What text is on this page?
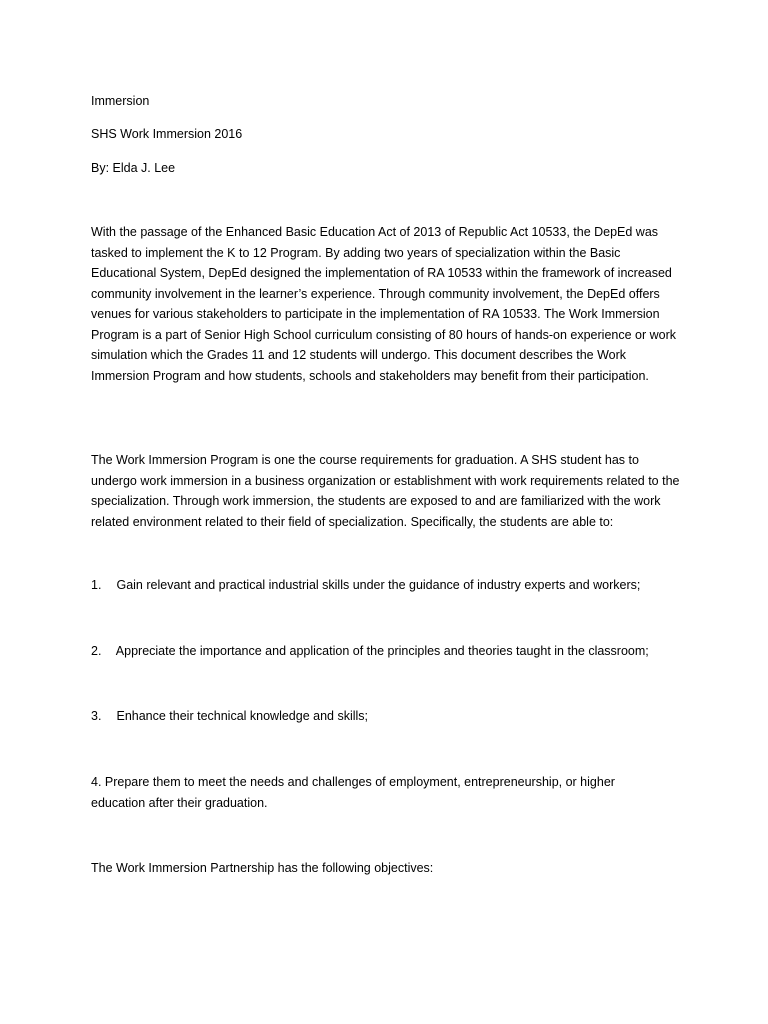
Immersion
SHS Work Immersion 2016
By: Elda J. Lee
With the passage of the Enhanced Basic Education Act of 2013 of Republic Act 10533, the DepEd was tasked to implement the K to 12 Program. By adding two years of specialization within the Basic Educational System, DepEd designed the implementation of RA 10533 within the framework of increased community involvement in the learner’s experience. Through community involvement, the DepEd offers venues for various stakeholders to participate in the implementation of RA 10533. The Work Immersion Program is a part of Senior High School curriculum consisting of 80 hours of hands-on experience or work simulation which the Grades 11 and 12 students will undergo. This document describes the Work Immersion Program and how students, schools and stakeholders may benefit from their participation.
The Work Immersion Program is one the course requirements for graduation. A SHS student has to undergo work immersion in a business organization or establishment with work requirements related to the specialization. Through work immersion, the students are exposed to and are familiarized with the work related environment related to their field of specialization. Specifically, the students are able to:
1. Gain relevant and practical industrial skills under the guidance of industry experts and workers;
2. Appreciate the importance and application of the principles and theories taught in the classroom;
3. Enhance their technical knowledge and skills;
4. Prepare them to meet the needs and challenges of employment, entrepreneurship, or higher education after their graduation.
The Work Immersion Partnership has the following objectives:
